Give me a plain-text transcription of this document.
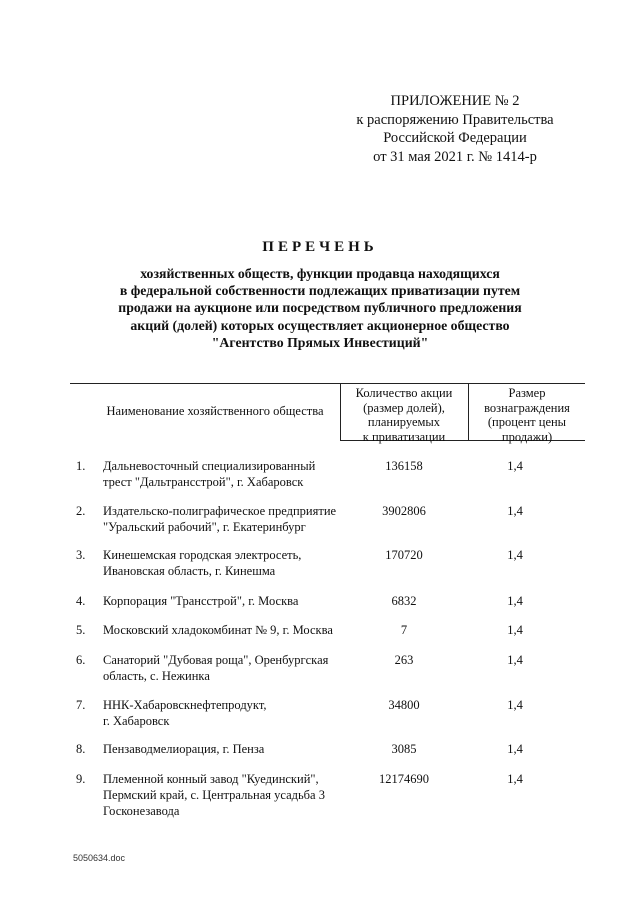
ПРИЛОЖЕНИЕ № 2
к распоряжению Правительства
Российской Федерации
от 31 мая 2021 г. № 1414-р
ПЕРЕЧЕНЬ
хозяйственных обществ, функции продавца находящихся
в федеральной собственности подлежащих приватизации путем
продажи на аукционе или посредством публичного предложения
акций (долей) которых осуществляет акционерное общество
"Агентство Прямых Инвестиций"
Наименование хозяйственного общества
Количество акции
(размер долей),
планируемых
к приватизации
Размер
вознаграждения
(процент цены
продажи)
1.	Дальневосточный специализированный
трест "Дальтрансстрой", г. Хабаровск
136158	1,4
2.	Издательско-полиграфическое предприятие
"Уральский рабочий", г. Екатеринбург
3902806	1,4
3.	Кинешемская городская электросеть,
Ивановская область, г. Кинешма
170720	1,4
4.	Корпорация "Трансстрой", г. Москва	6832	1,4
5.	Московский хладокомбинат № 9, г. Москва	7	1,4
6.	Санаторий "Дубовая роща", Оренбургская
область, с. Нежинка
263	1,4
7.	ННК-Хабаровскнефтепродукт,
г. Хабаровск
34800	1,4
8.	Пензаводмелиорация, г. Пенза	3085	1,4
9.	Племенной конный завод "Куединский",
Пермский край, с. Центральная усадьба 3
Госконезавода
12174690	1,4
5050634.doc
